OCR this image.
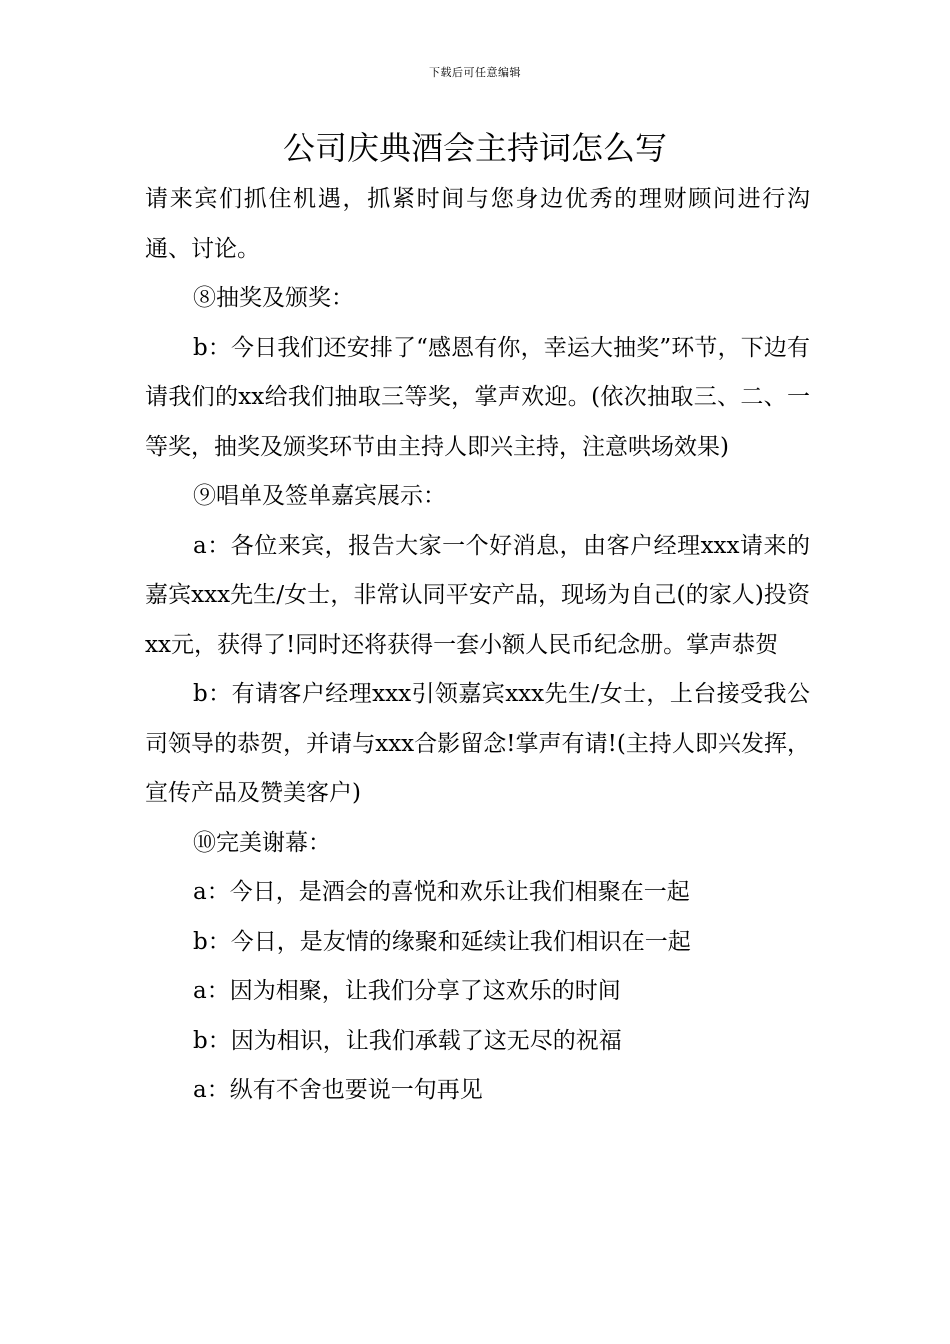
下载后可任意编辑
公司庆典酒会主持词怎么写

请来宾们抓住机遇，抓紧时间与您身边优秀的理财顾问进行沟通、讨论。

⑧抽奖及颁奖：

b：今日我们还安排了“感恩有你，幸运大抽奖”环节，下边有请我们的xx给我们抽取三等奖，掌声欢迎。(依次抽取三、二、一等奖，抽奖及颁奖环节由主持人即兴主持，注意哄场效果)

⑨唱单及签单嘉宾展示：

a：各位来宾，报告大家一个好消息，由客户经理xxx请来的嘉宾xxx先生/女士，非常认同平安产品，现场为自己(的家人)投资xx元，获得了!同时还将获得一套小额人民币纪念册。掌声恭贺

b：有请客户经理xxx引领嘉宾xxx先生/女士，上台接受我公司领导的恭贺，并请与xxx合影留念!掌声有请!(主持人即兴发挥，宣传产品及赞美客户)

⑩完美谢幕：

a：今日，是酒会的喜悦和欢乐让我们相聚在一起

b：今日，是友情的缘聚和延续让我们相识在一起

a：因为相聚，让我们分享了这欢乐的时间

b：因为相识，让我们承载了这无尽的祝福

a：纵有不舍也要说一句再见
